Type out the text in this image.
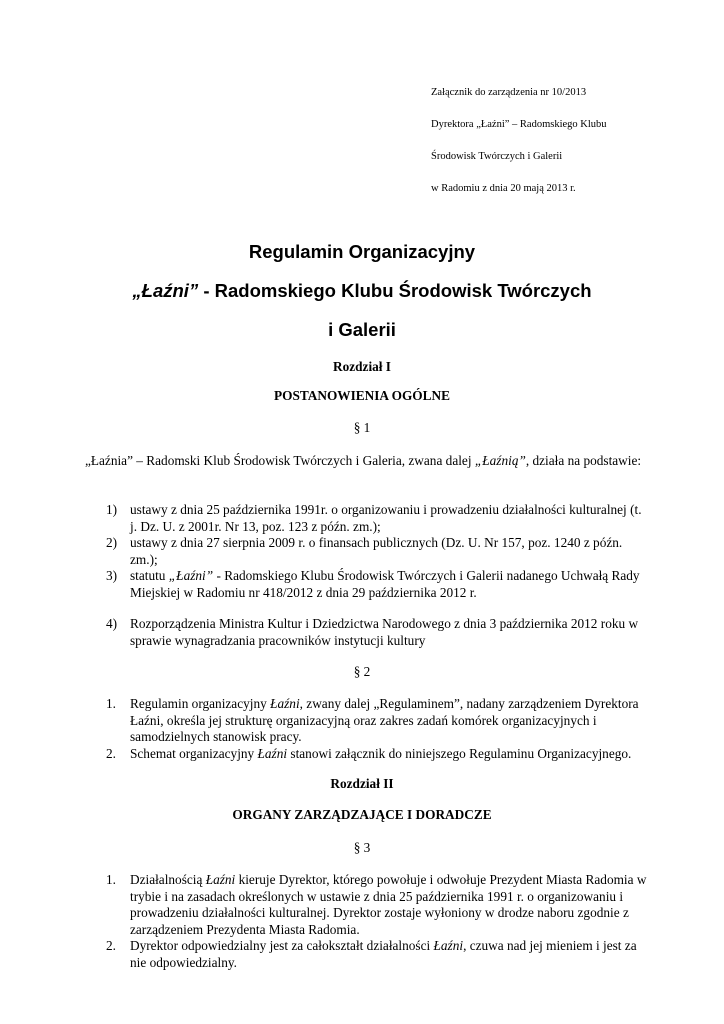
Załącznik do zarządzenia nr 10/2013
Dyrektora „Łaźni” – Radomskiego Klubu
Środowisk Twórczych i Galerii
w Radomiu z dnia 20 mają 2013 r.
Regulamin Organizacyjny
„Łaźni” - Radomskiego Klubu Środowisk Twórczych
i Galerii
Rozdział I
POSTANOWIENIA OGÓLNE
§ 1
„Łaźnia” – Radomski Klub Środowisk Twórczych i Galeria, zwana dalej „Łaźnią”, działa na podstawie:
1) ustawy z dnia 25 października 1991r. o organizowaniu i prowadzeniu działalności kulturalnej (t. j. Dz. U. z 2001r. Nr 13, poz. 123 z późn. zm.);
2) ustawy z dnia 27 sierpnia 2009 r. o finansach publicznych (Dz. U. Nr 157, poz. 1240 z późn. zm.);
3) statutu „Łaźni” - Radomskiego Klubu Środowisk Twórczych i Galerii nadanego Uchwałą Rady Miejskiej w Radomiu nr 418/2012 z dnia 29 października 2012 r.
4) Rozporządzenia Ministra Kultur i Dziedzictwa Narodowego z dnia 3 października 2012 roku w sprawie wynagradzania pracowników instytucji kultury
§ 2
1. Regulamin organizacyjny Łaźni, zwany dalej „Regulaminem”, nadany zarządzeniem Dyrektora Łaźni, określa jej strukturę organizacyjną oraz zakres zadań komórek organizacyjnych i samodzielnych stanowisk pracy.
2. Schemat organizacyjny Łaźni stanowi załącznik do niniejszego Regulaminu Organizacyjnego.
Rozdział II
ORGANY ZARZĄDZAJĄCE I DORADCZE
§ 3
1. Działalnością Łaźni kieruje Dyrektor, którego powołuje i odwołuje Prezydent Miasta Radomia w trybie i na zasadach określonych w ustawie z dnia 25 października 1991 r. o organizowaniu i prowadzeniu działalności kulturalnej. Dyrektor zostaje wyłoniony w drodze naboru zgodnie z zarządzeniem Prezydenta Miasta Radomia.
2. Dyrektor odpowiedzialny jest za całokształt działalności Łaźni, czuwa nad jej mieniem i jest za nie odpowiedzialny.
